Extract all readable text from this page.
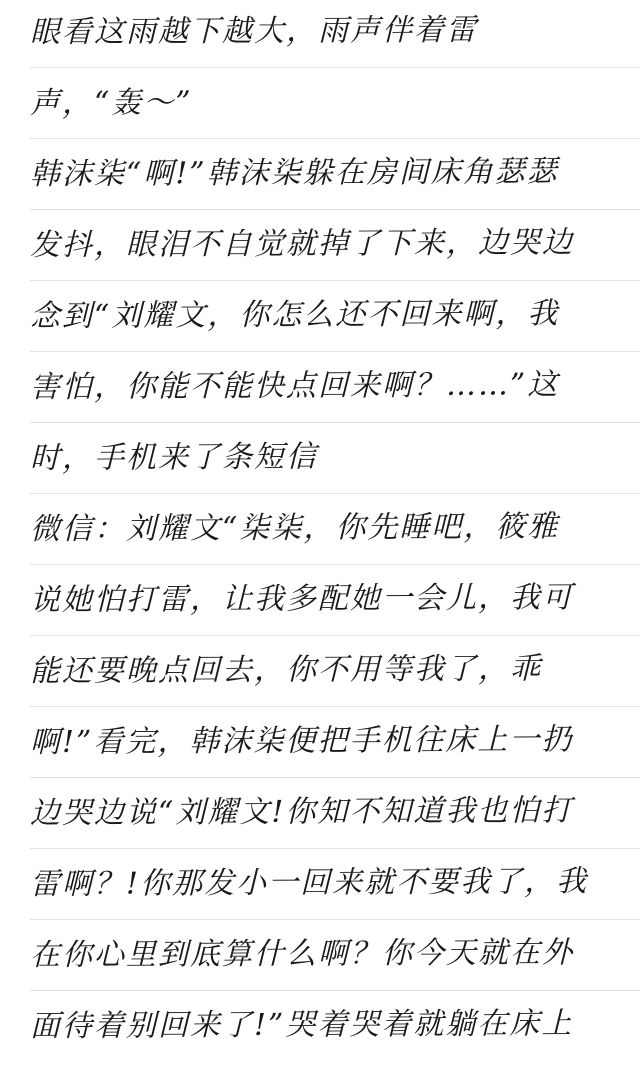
眼看这雨越下越大，雨声伴着雷
声，“轰～”
韩沫柒“啊!”韩沫柒躲在房间床角瑟瑟
发抖，眼泪不自觉就掉了下来，边哭边
念到“刘耀文，你怎么还不回来啊，我
害怕，你能不能快点回来啊？……”这
时，手机来了条短信
微信：刘耀文“柒柒，你先睡吧，筱雅
说她怕打雷，让我多配她一会儿，我可
能还要晚点回去，你不用等我了，乖
啊!”看完，韩沫柒便把手机往床上一扔
边哭边说“刘耀文!你知不知道我也怕打
雷啊？!你那发小一回来就不要我了，我
在你心里到底算什么啊？你今天就在外
面待着别回来了!”哭着哭着就躺在床上
